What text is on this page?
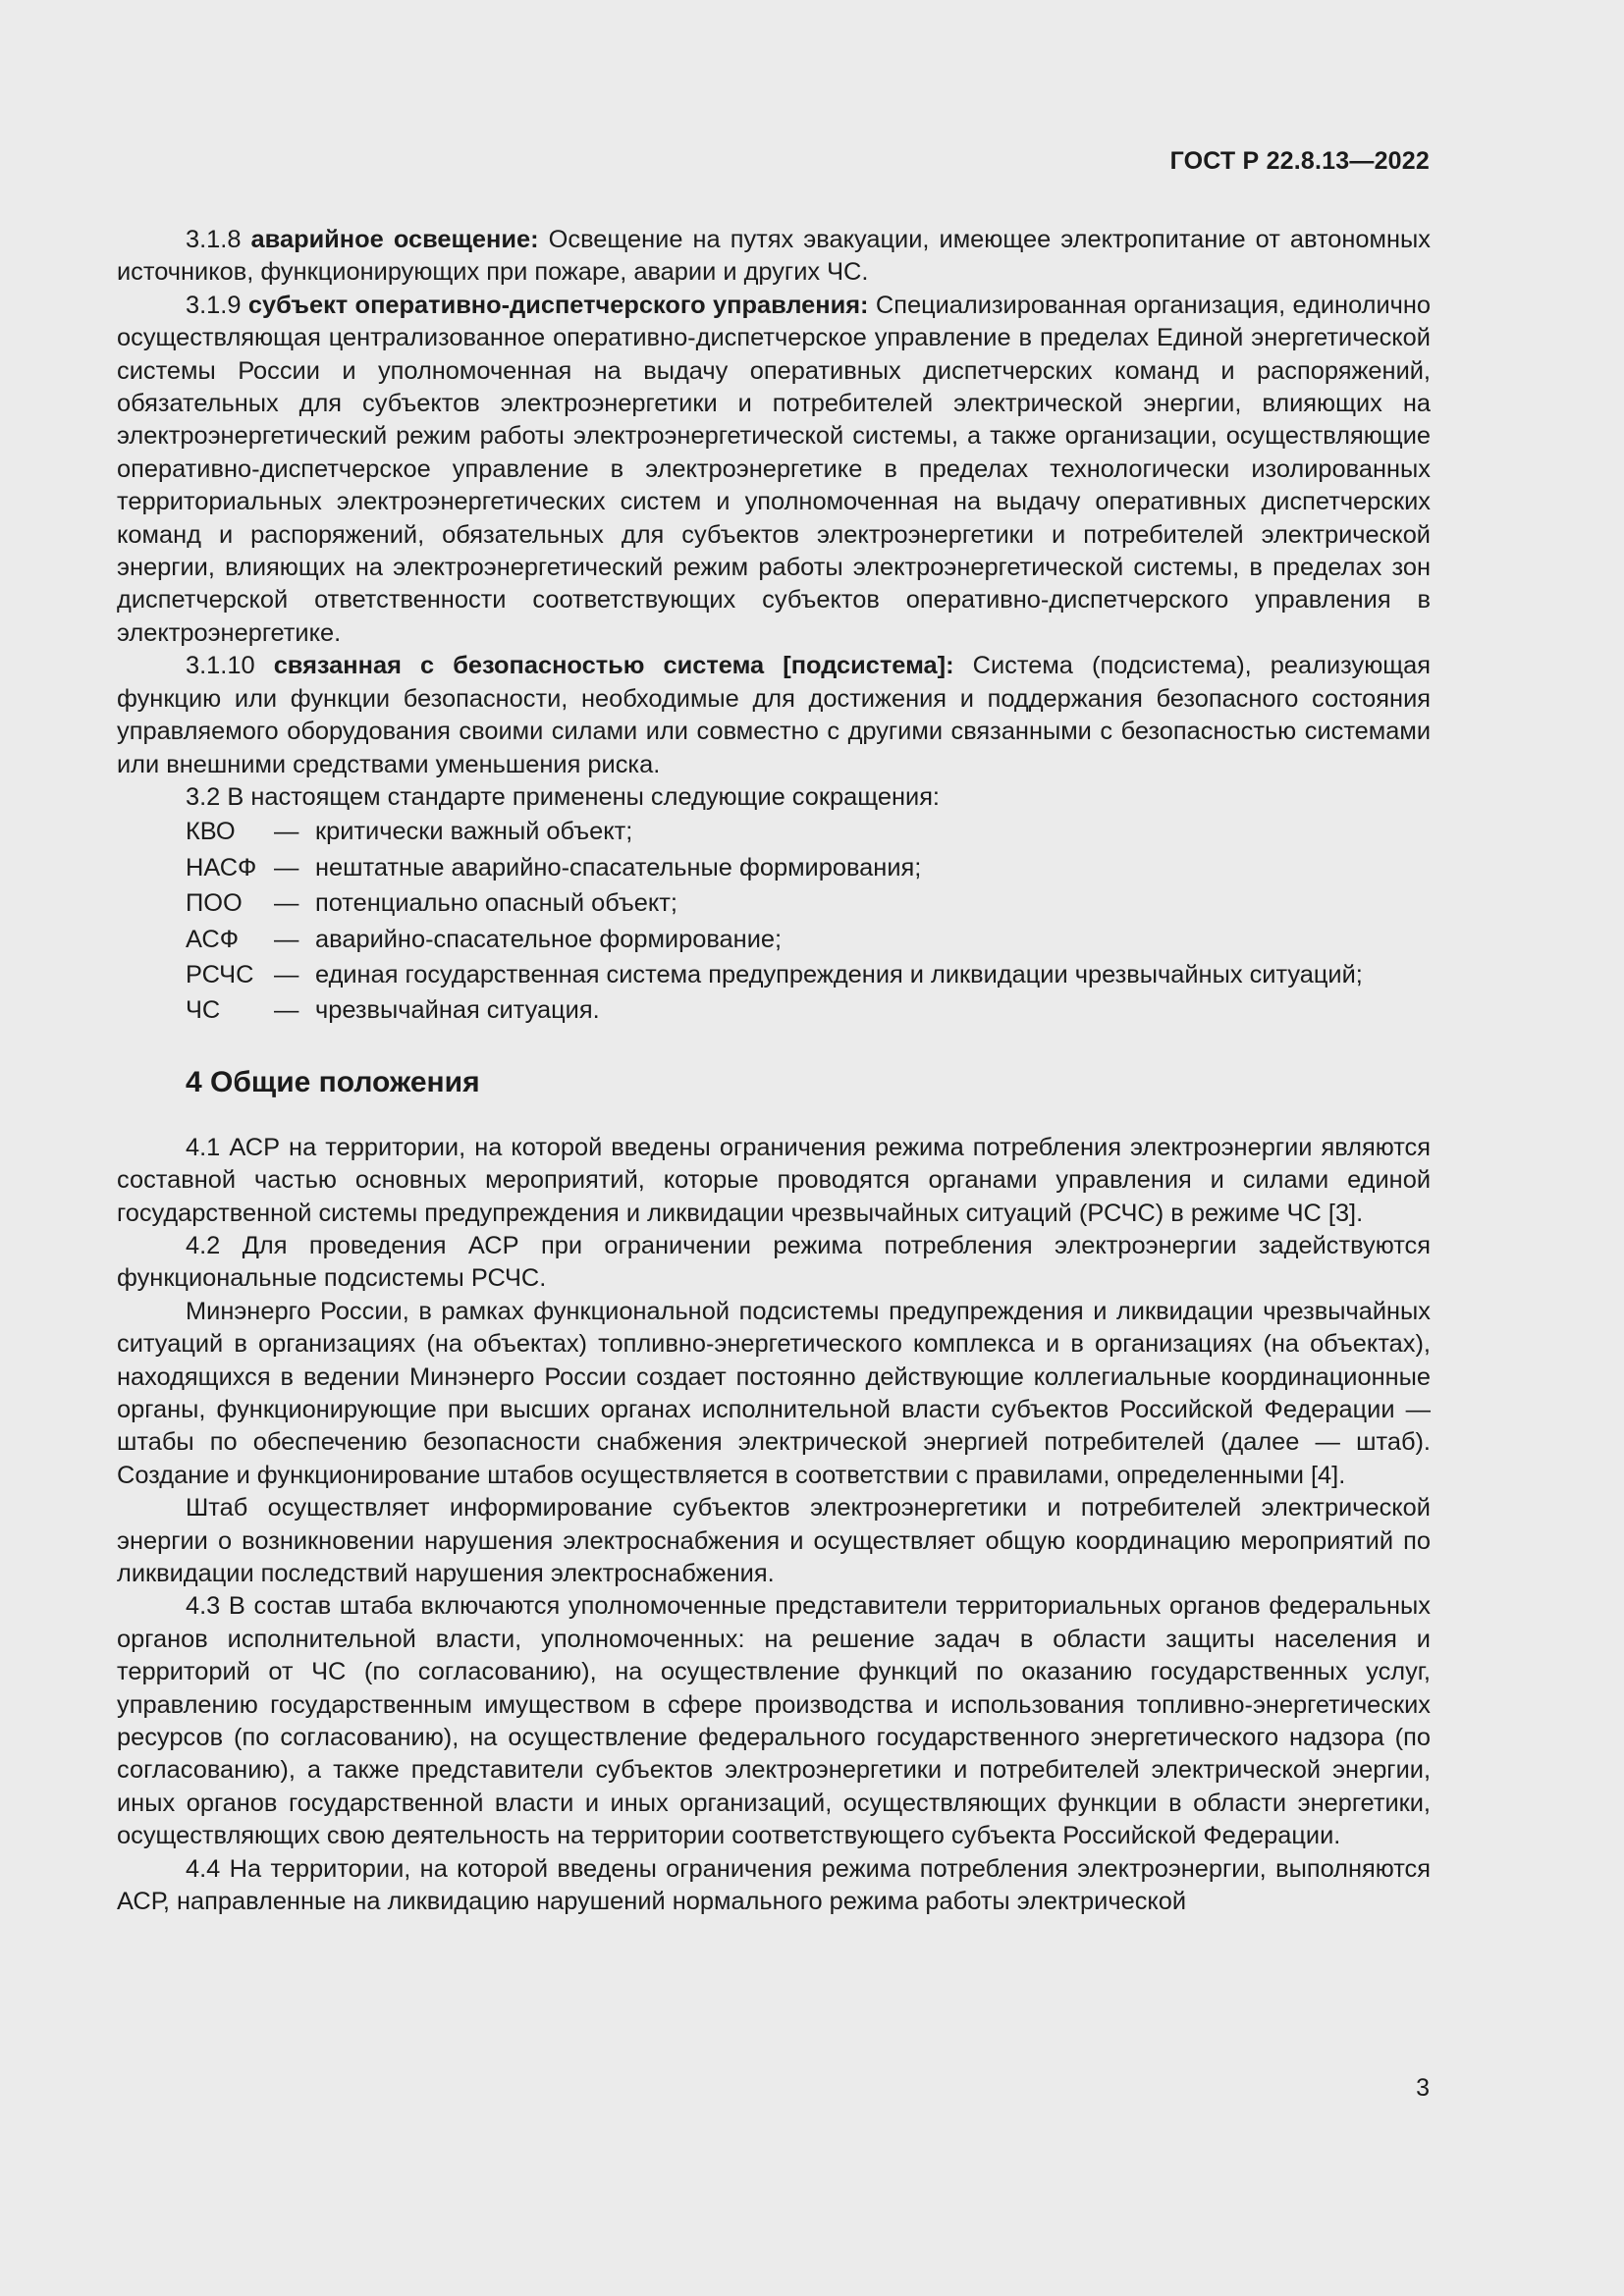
ГОСТ Р 22.8.13—2022

3.1.8 аварийное освещение: Освещение на путях эвакуации, имеющее электропитание от автономных источников, функционирующих при пожаре, аварии и других ЧС.

3.1.9 субъект оперативно-диспетчерского управления: Специализированная организация, единолично осуществляющая централизованное оперативно-диспетчерское управление в пределах Единой энергетической системы России и уполномоченная на выдачу оперативных диспетчерских команд и распоряжений, обязательных для субъектов электроэнергетики и потребителей электрической энергии, влияющих на электроэнергетический режим работы электроэнергетической системы, а также организации, осуществляющие оперативно-диспетчерское управление в электроэнергетике в пределах технологически изолированных территориальных электроэнергетических систем и уполномоченная на выдачу оперативных диспетчерских команд и распоряжений, обязательных для субъектов электроэнергетики и потребителей электрической энергии, влияющих на электроэнергетический режим работы электроэнергетической системы, в пределах зон диспетчерской ответственности соответствующих субъектов оперативно-диспетчерского управления в электроэнергетике.

3.1.10 связанная с безопасностью система [подсистема]: Система (подсистема), реализующая функцию или функции безопасности, необходимые для достижения и поддержания безопасного состояния управляемого оборудования своими силами или совместно с другими связанными с безопасностью системами или внешними средствами уменьшения риска.

3.2 В настоящем стандарте применены следующие сокращения:

КВО	— критически важный объект;
НАСФ — нештатные аварийно-спасательные формирования;
ПОО	— потенциально опасный объект;
АСФ	— аварийно-спасательное формирование;
РСЧС — единая государственная система предупреждения и ликвидации чрезвычайных ситуаций;
ЧС	— чрезвычайная ситуация.
4 Общие положения

4.1 АСР на территории, на которой введены ограничения режима потребления электроэнергии являются составной частью основных мероприятий, которые проводятся органами управления и силами единой государственной системы предупреждения и ликвидации чрезвычайных ситуаций (РСЧС) в режиме ЧС [3].

4.2 Для проведения АСР при ограничении режима потребления электроэнергии задействуются функциональные подсистемы РСЧС.

Минэнерго России, в рамках функциональной подсистемы предупреждения и ликвидации чрезвычайных ситуаций в организациях (на объектах) топливно-энергетического комплекса и в организациях (на объектах), находящихся в ведении Минэнерго России создает постоянно действующие коллегиальные координационные органы, функционирующие при высших органах исполнительной власти субъектов Российской Федерации — штабы по обеспечению безопасности снабжения электрической энергией потребителей (далее — штаб). Создание и функционирование штабов осуществляется в соответствии с правилами, определенными [4].

Штаб осуществляет информирование субъектов электроэнергетики и потребителей электрической энергии о возникновении нарушения электроснабжения и осуществляет общую координацию мероприятий по ликвидации последствий нарушения электроснабжения.

4.3 В состав штаба включаются уполномоченные представители территориальных органов федеральных органов исполнительной власти, уполномоченных: на решение задач в области защиты населения и территорий от ЧС (по согласованию), на осуществление функций по оказанию государственных услуг, управлению государственным имуществом в сфере производства и использования топливно-энергетических ресурсов (по согласованию), на осуществление федерального государственного энергетического надзора (по согласованию), а также представители субъектов электроэнергетики и потребителей электрической энергии, иных органов государственной власти и иных организаций, осуществляющих функции в области энергетики, осуществляющих свою деятельность на территории соответствующего субъекта Российской Федерации.

4.4 На территории, на которой введены ограничения режима потребления электроэнергии, выполняются АСР, направленные на ликвидацию нарушений нормального режима работы электрической

3
